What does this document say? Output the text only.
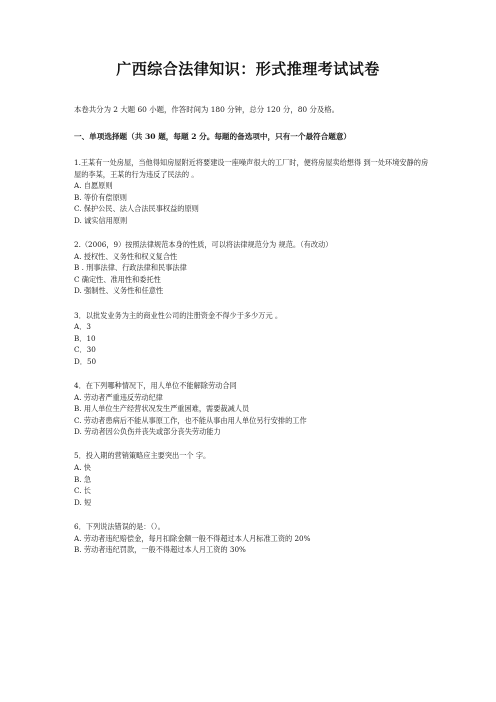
广西综合法律知识：形式推理考试试卷
本卷共分为 2 大题 60 小题，作答时间为 180 分钟，总分 120 分，80 分及格。
一、单项选择题（共 30 题，每题 2 分。每题的备选项中，只有一个最符合题意）
1.王某有一处房屋，当他得知房屋附近将要建设一座噪声很大的工厂时，便将房屋卖给想得 到一处环境安静的房屋的李某，王某的行为违反了民法的 。
A. 自愿原则
B. 等价有偿原则
C. 保护公民、法人合法民事权益的原则
D. 诚实信用原则
2.（2006，9）按照法律规范本身的性质，可以将法律规范分为 规范。（有改动）
A. 授权性、义务性和权义复合性
B . 刑事法律、行政法律和民事法律
C 确定性、准用性和委托性
D. 强制性、义务性和任意性
3．以批发业务为主的商业性公司的注册资金不得少于多少万元 。
A．3
B．10
C．30
D．50
4．在下列哪种情况下，用人单位不能解除劳动合同
A. 劳动者严重违反劳动纪律
B. 用人单位生产经营状况发生严重困难，需要裁减人员
C. 劳动者患病后不能从事原工作，也不能从事由用人单位另行安排的工作
D. 劳动者因公负伤并丧失或部分丧失劳动能力
5．投入期的营销策略应主要突出一个 字。
A. 快
B. 急
C. 长
D. 短
6．下列说法错误的是：（）。
A. 劳动者违纪赔偿金，每月扣除金额一般不得超过本人月标准工资的 20%
B. 劳动者违纪罚款，一般不得超过本人月工资的 30%
